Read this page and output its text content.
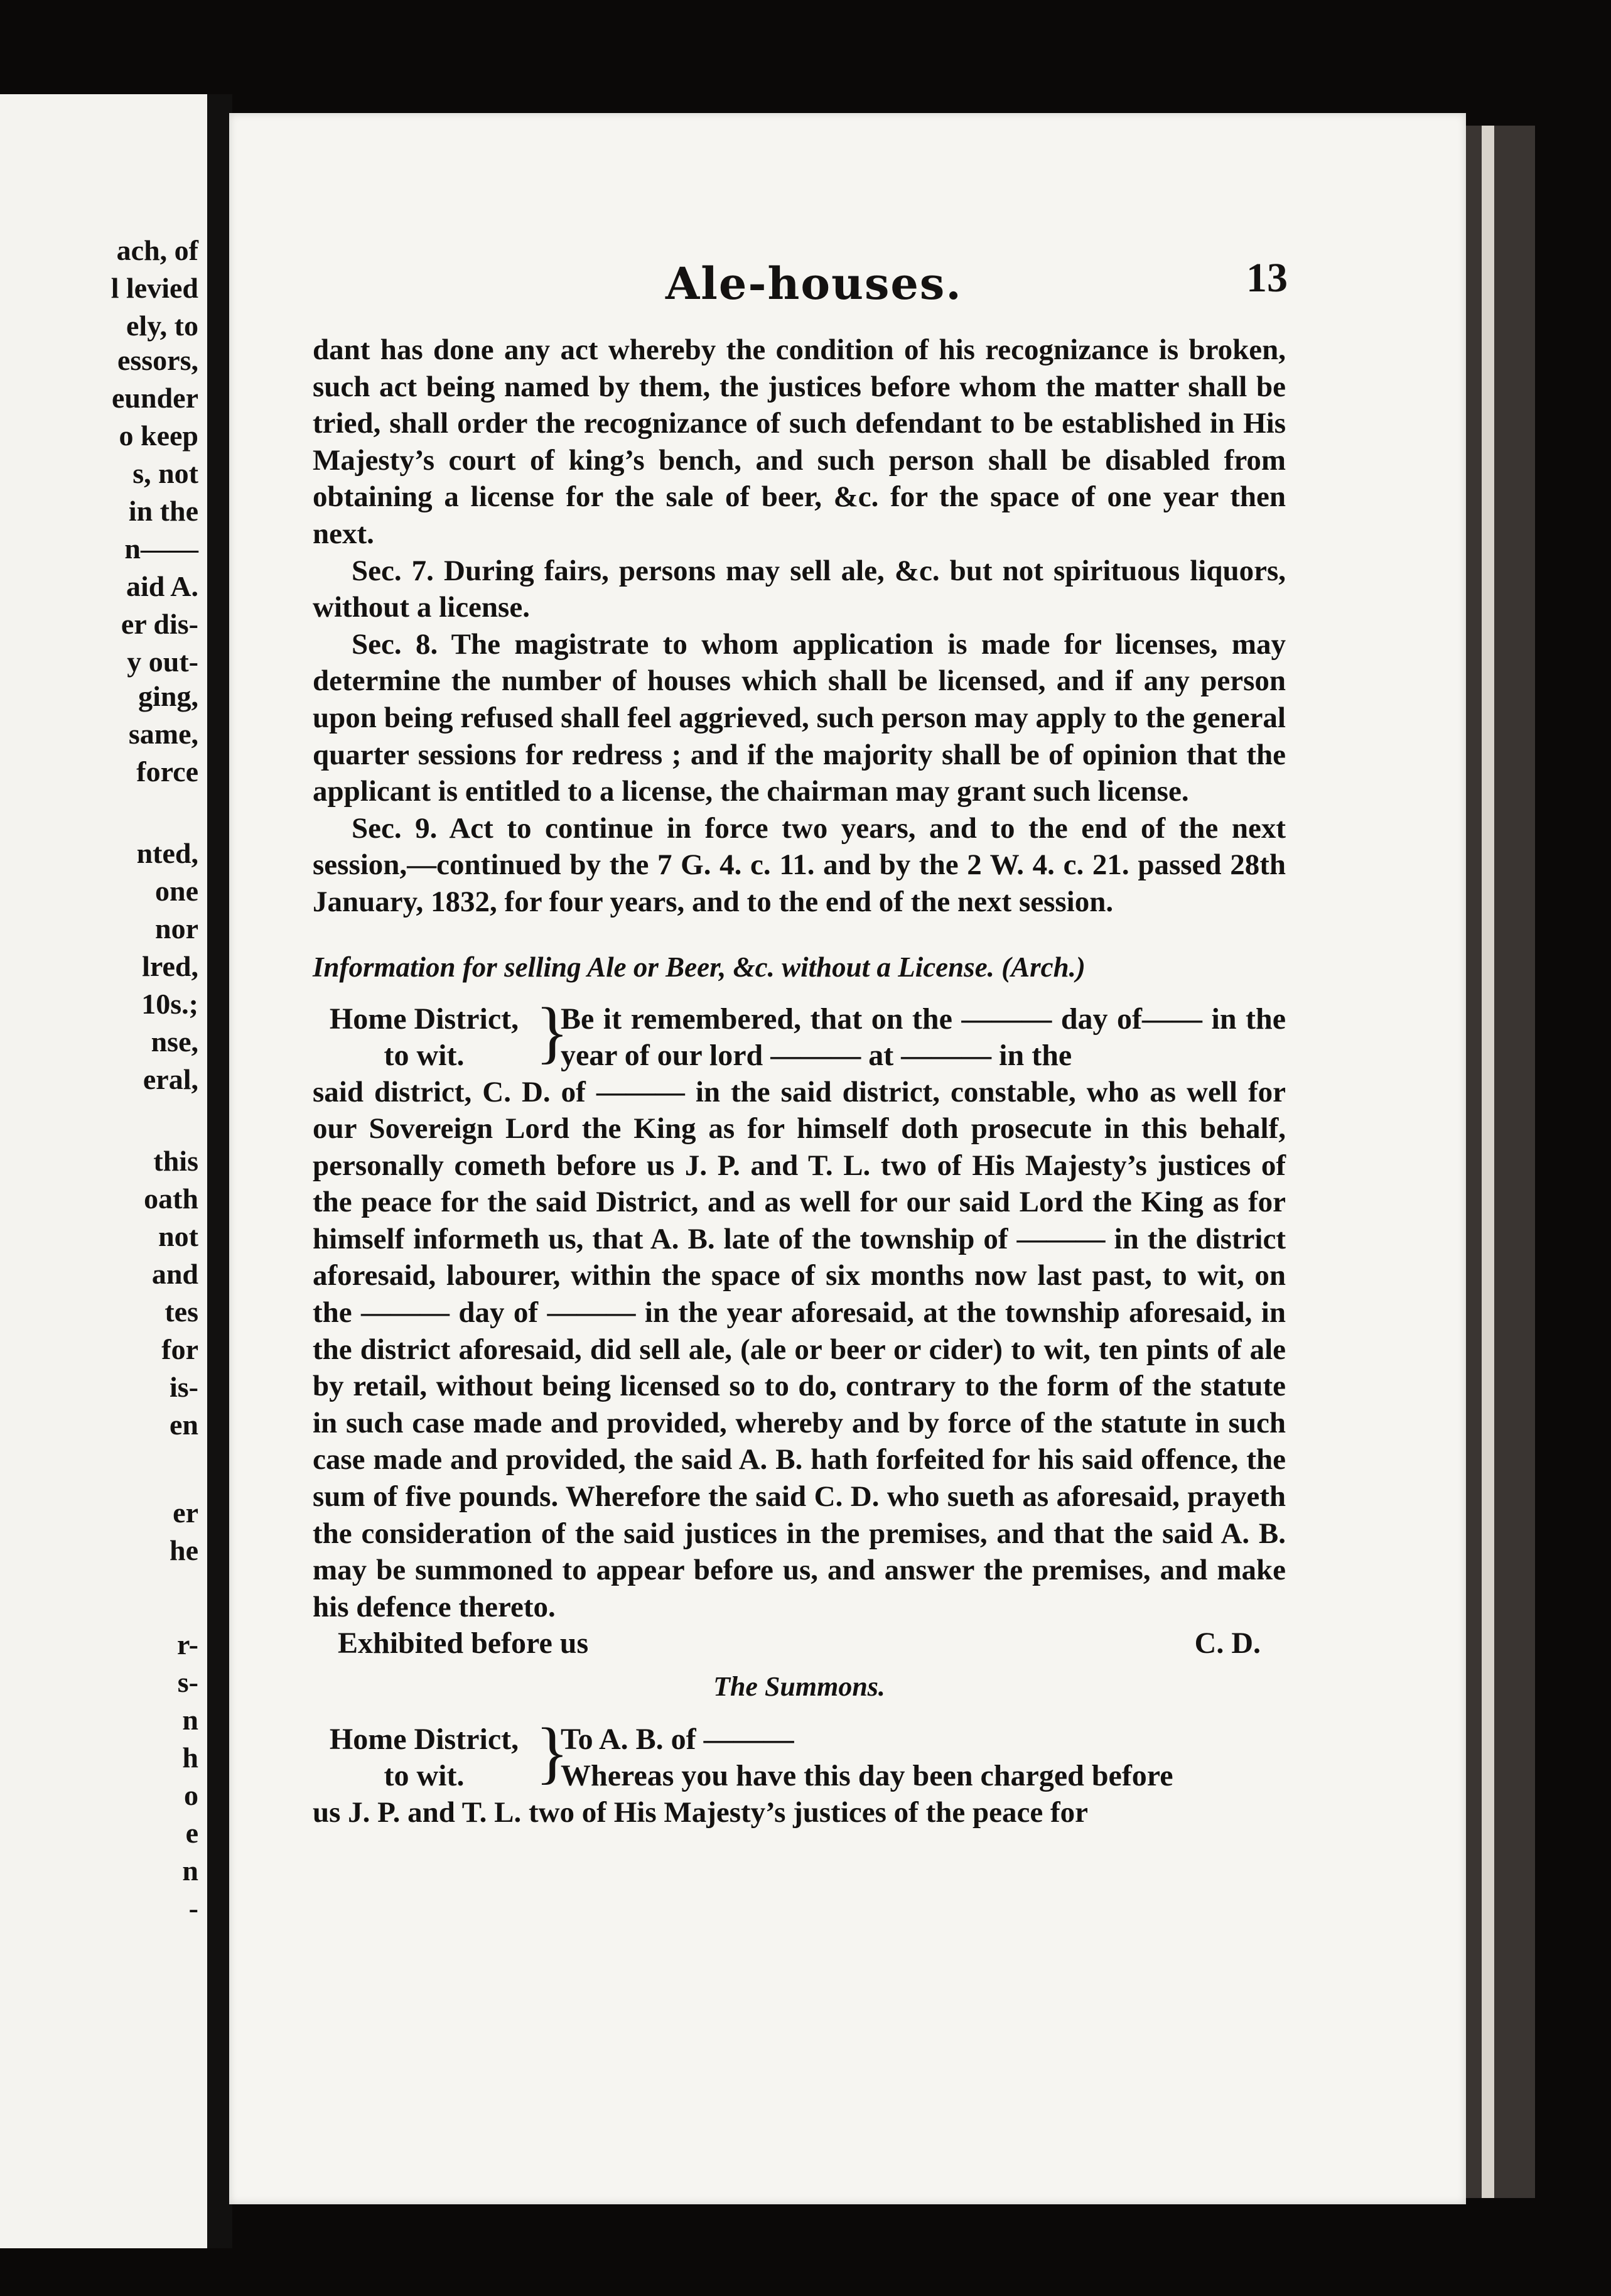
ach, of
l levied
ely, to
essors,
eunder
o keep
s, not
in the
n——
aid A.
er dis-
y out-
ging,
same,
force
nted,
one
nor
lred,
10s.;
nse,
eral,
this
oath
not
and
tes
for
is-
en
er
he
r-
s-
n
h
o
e
n
-
Ale-houses.	13

dant has done any act whereby the condition of his recognizance is broken, such act being named by them, the justices before whom the matter shall be tried, shall order the recognizance of such defendant to be established in His Majesty’s court of king’s bench, and such person shall be disabled from obtaining a license for the sale of beer, &c. for the space of one year then next.

Sec. 7. During fairs, persons may sell ale, &c. but not spirituous liquors, without a license.

Sec. 8. The magistrate to whom application is made for licenses, may determine the number of houses which shall be licensed, and if any person upon being refused shall feel aggrieved, such person may apply to the general quarter sessions for redress ; and if the majority shall be of opinion that the applicant is entitled to a license, the chairman may grant such license.

Sec. 9. Act to continue in force two years, and to the end of the next session,—continued by the 7 G. 4. c. 11. and by the 2 W. 4. c. 21. passed 28th January, 1832, for four years, and to the end of the next session.

Information for selling Ale or Beer, &c. without a License. (Arch.)
Home District,
to wit.	}
Be it remembered, that on the ——— day of—— in the year of our lord ——— at ——— in the

said district, C. D. of ——— in the said district, constable, who as well for our Sovereign Lord the King as for himself doth prosecute in this behalf, personally cometh before us J. P. and T. L. two of His Majesty’s justices of the peace for the said District, and as well for our said Lord the King as for himself informeth us, that A. B. late of the township of ——— in the district aforesaid, labourer, within the space of six months now last past, to wit, on the ——— day of ——— in the year aforesaid, at the township aforesaid, in the district aforesaid, did sell ale, (ale or beer or cider) to wit, ten pints of ale by retail, without being licensed so to do, contrary to the form of the statute in such case made and provided, whereby and by force of the statute in such case made and provided, the said A. B. hath forfeited for his said offence, the sum of five pounds. Wherefore the said C. D. who sueth as aforesaid, prayeth the consideration of the said justices in the premises, and that the said A. B. may be summoned to appear before us, and answer the premises, and make his defence thereto.

Exhibited before us	C. D.
The Summons.
Home District,
to wit.	}
To A. B. of ———
Whereas you have this day been charged before

us J. P. and T. L. two of His Majesty’s justices of the peace for
